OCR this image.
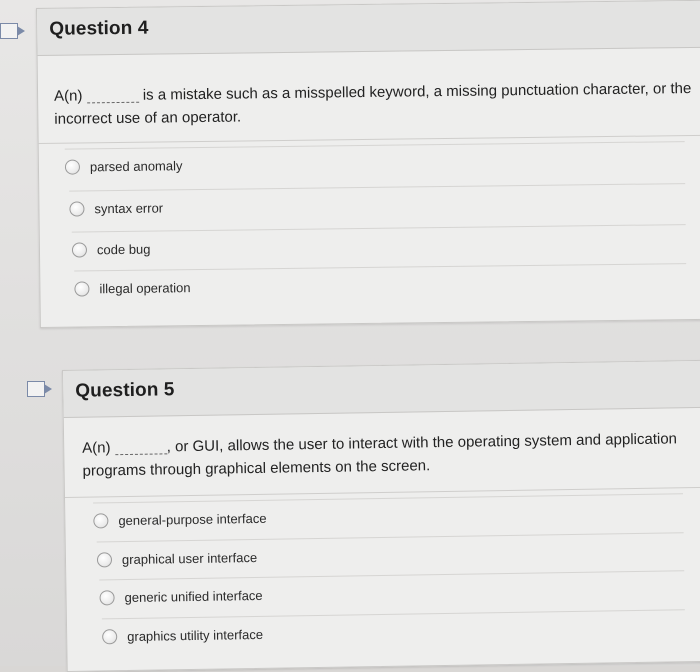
Question 4
A(n)	is a mistake such as a misspelled keyword, a missing punctuation character, or the
incorrect use of an operator.
parsed anomaly
syntax error
code bug
illegal operation
Question 5
A(n)	, or GUI, allows the user to interact with the operating system and application
programs through graphical elements on the screen.
general-purpose interface
graphical user interface
generic unified interface
graphics utility interface
